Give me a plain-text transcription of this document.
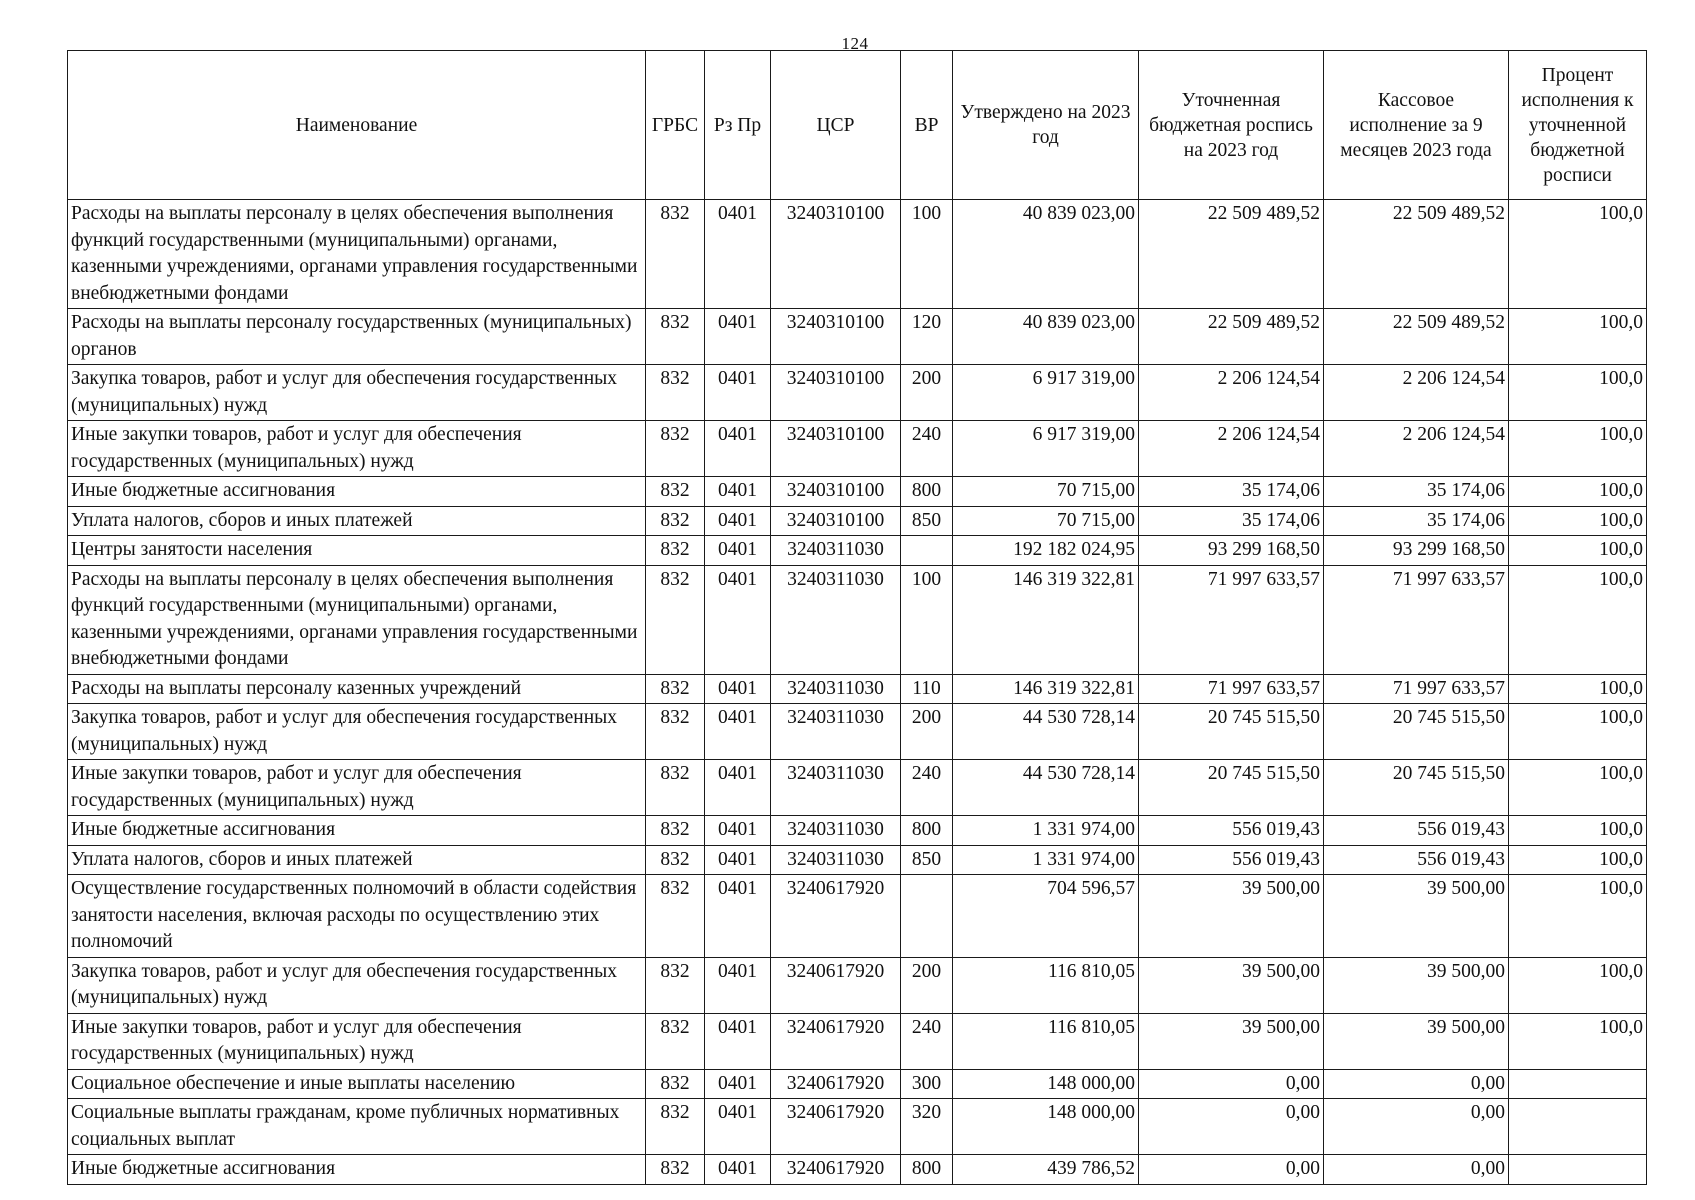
124
Наименование	ГРБС	Рз Пр	ЦСР	ВР	Утверждено на 2023 год	Уточненная бюджетная роспись на 2023 год	Кассовое исполнение за 9 месяцев 2023 года	Процент исполнения к уточненной бюджетной росписи
Расходы на выплаты персоналу в целях обеспечения выполнения функций государственными (муниципальными) органами, казенными учреждениями, органами управления государственными внебюджетными фондами	832	0401	3240310100	100	40 839 023,00	22 509 489,52	22 509 489,52	100,0
Расходы на выплаты персоналу государственных (муниципальных) органов	832	0401	3240310100	120	40 839 023,00	22 509 489,52	22 509 489,52	100,0
Закупка товаров, работ и услуг для обеспечения государственных (муниципальных) нужд	832	0401	3240310100	200	6 917 319,00	2 206 124,54	2 206 124,54	100,0
Иные закупки товаров, работ и услуг для обеспечения государственных (муниципальных) нужд	832	0401	3240310100	240	6 917 319,00	2 206 124,54	2 206 124,54	100,0
Иные бюджетные ассигнования	832	0401	3240310100	800	70 715,00	35 174,06	35 174,06	100,0
Уплата налогов, сборов и иных платежей	832	0401	3240310100	850	70 715,00	35 174,06	35 174,06	100,0
Центры занятости населения	832	0401	3240311030		192 182 024,95	93 299 168,50	93 299 168,50	100,0
Расходы на выплаты персоналу в целях обеспечения выполнения функций государственными (муниципальными) органами, казенными учреждениями, органами управления государственными внебюджетными фондами	832	0401	3240311030	100	146 319 322,81	71 997 633,57	71 997 633,57	100,0
Расходы на выплаты персоналу казенных учреждений	832	0401	3240311030	110	146 319 322,81	71 997 633,57	71 997 633,57	100,0
Закупка товаров, работ и услуг для обеспечения государственных (муниципальных) нужд	832	0401	3240311030	200	44 530 728,14	20 745 515,50	20 745 515,50	100,0
Иные закупки товаров, работ и услуг для обеспечения государственных (муниципальных) нужд	832	0401	3240311030	240	44 530 728,14	20 745 515,50	20 745 515,50	100,0
Иные бюджетные ассигнования	832	0401	3240311030	800	1 331 974,00	556 019,43	556 019,43	100,0
Уплата налогов, сборов и иных платежей	832	0401	3240311030	850	1 331 974,00	556 019,43	556 019,43	100,0
Осуществление государственных полномочий в области содействия занятости населения, включая расходы по осуществлению этих полномочий	832	0401	3240617920		704 596,57	39 500,00	39 500,00	100,0
Закупка товаров, работ и услуг для обеспечения государственных (муниципальных) нужд	832	0401	3240617920	200	116 810,05	39 500,00	39 500,00	100,0
Иные закупки товаров, работ и услуг для обеспечения государственных (муниципальных) нужд	832	0401	3240617920	240	116 810,05	39 500,00	39 500,00	100,0
Социальное обеспечение и иные выплаты населению	832	0401	3240617920	300	148 000,00	0,00	0,00	
Социальные выплаты гражданам, кроме публичных нормативных социальных выплат	832	0401	3240617920	320	148 000,00	0,00	0,00	
Иные бюджетные ассигнования	832	0401	3240617920	800	439 786,52	0,00	0,00	
